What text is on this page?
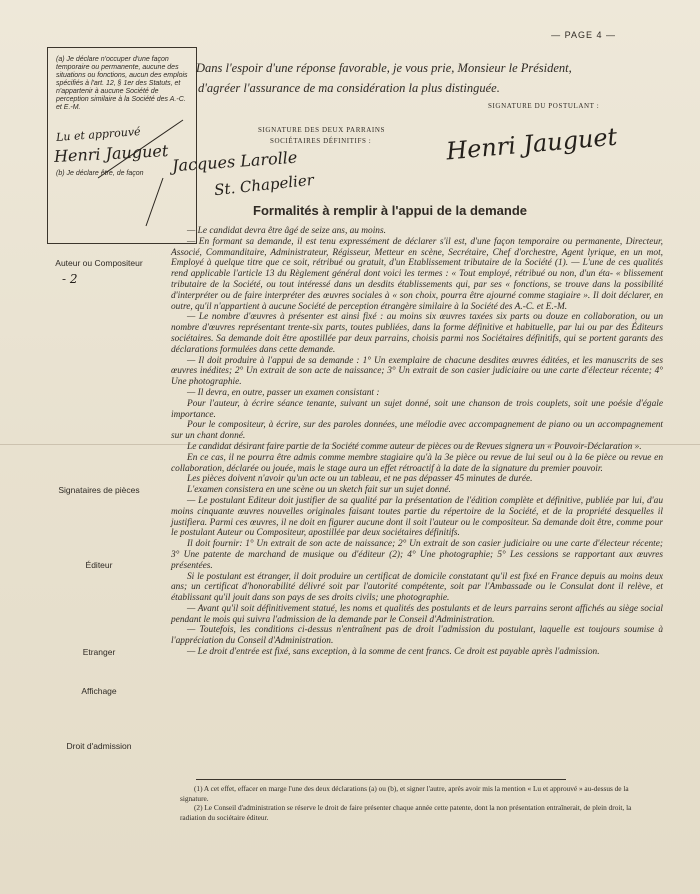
— PAGE 4 —
(a) Je déclare n'occuper d'une façon temporaire ou permanente, aucune des situations ou fonctions, aucun des emplois spécifiés à l'art. 12, § 1er des Statuts, et n'appartenir à aucune Société de perception similaire à la Société des A.-C. et E.-M.
Lu et approuvé
Henri Jauguet
(b) Je déclare être, de façon
Dans l'espoir d'une réponse favorable, je vous prie, Monsieur le Président,
d'agréer l'assurance de ma considération la plus distinguée.
SIGNATURE DU POSTULANT :
Henri Jauguet
SIGNATURE DES DEUX PARRAINS
SOCIÉTAIRES DÉFINITIFS :
Jacques Larolle
St. Chapelier
Formalités à remplir à l'appui de la demande
Auteur ou Compositeur
- 2
Signataires de pièces
Éditeur
Etranger
Affichage
Droit d'admission

— Le candidat devra être âgé de seize ans, au moins.

— En formant sa demande, il est tenu expressément de déclarer s'il est, d'une façon temporaire ou permanente, Directeur, Associé, Commanditaire, Administrateur, Régisseur, Metteur en scène, Secrétaire, Chef d'orchestre, Agent lyrique, en un mot, Employé à quelque titre que ce soit, rétribué ou gratuit, d'un Etablissement tributaire de la Société (1). — L'une de ces qualités rend applicable l'article 13 du Règlement général dont voici les termes : « Tout employé, rétribué ou non, d'un éta- « blissement tributaire de la Société, ou tout intéressé dans un desdits établissements qui, par ses « fonctions, se trouve dans la possibilité d'interpréter ou de faire interpréter des œuvres sociales à « son choix, pourra être ajourné comme stagiaire ». Il doit déclarer, en outre, qu'il n'appartient à aucune Société de perception étrangère similaire à la Société des A.-C. et E.-M.

— Le nombre d'œuvres à présenter est ainsi fixé : au moins six œuvres taxées six parts ou douze en collaboration, ou un nombre d'œuvres représentant trente-six parts, toutes publiées, dans la forme définitive et habituelle, par lui ou par des Éditeurs sociétaires. Sa demande doit être apostillée par deux parrains, choisis parmi nos Sociétaires définitifs, qui se portent garants des déclarations formulées dans cette demande.

— Il doit produire à l'appui de sa demande : 1° Un exemplaire de chacune desdites œuvres éditées, et les manuscrits de ses œuvres inédites; 2° Un extrait de son acte de naissance; 3° Un extrait de son casier judiciaire ou une carte d'électeur récente; 4° Une photographie.

— Il devra, en outre, passer un examen consistant :

Pour l'auteur, à écrire séance tenante, suivant un sujet donné, soit une chanson de trois couplets, soit une poésie d'égale importance.

Pour le compositeur, à écrire, sur des paroles données, une mélodie avec accompagnement de piano ou un accompagnement sur un chant donné.

Le candidat désirant faire partie de la Société comme auteur de pièces ou de Revues signera un « Pouvoir-Déclaration ».

En ce cas, il ne pourra être admis comme membre stagiaire qu'à la 3e pièce ou revue de lui seul ou à la 6e pièce ou revue en collaboration, déclarée ou jouée, mais le stage aura un effet rétroactif à la date de la signature du premier pouvoir.

Les pièces doivent n'avoir qu'un acte ou un tableau, et ne pas dépasser 45 minutes de durée.

L'examen consistera en une scène ou un sketch fait sur un sujet donné.

— Le postulant Editeur doit justifier de sa qualité par la présentation de l'édition complète et définitive, publiée par lui, d'au moins cinquante œuvres nouvelles originales faisant toutes partie du répertoire de la Société, et de la propriété desquelles il justifiera. Parmi ces œuvres, il ne doit en figurer aucune dont il soit l'auteur ou le compositeur. Sa demande doit être, comme pour le postulant Auteur ou Compositeur, apostillée par deux sociétaires définitifs.

Il doit fournir: 1° Un extrait de son acte de naissance; 2° Un extrait de son casier judiciaire ou une carte d'électeur récente; 3° Une patente de marchand de musique ou d'éditeur (2); 4° Une photographie; 5° Les cessions se rapportant aux œuvres présentées.

Si le postulant est étranger, il doit produire un certificat de domicile constatant qu'il est fixé en France depuis au moins deux ans; un certificat d'honorabilité délivré soit par l'autorité compétente, soit par l'Ambassade ou le Consulat dont il relève, et établissant qu'il jouit dans son pays de ses droits civils; une photographie.

— Avant qu'il soit définitivement statué, les noms et qualités des postulants et de leurs parrains seront affichés au siège social pendant le mois qui suivra l'admission de la demande par le Conseil d'Administration.

— Toutefois, les conditions ci-dessus n'entraînent pas de droit l'admission du postulant, laquelle est toujours soumise à l'appréciation du Conseil d'Administration.

— Le droit d'entrée est fixé, sans exception, à la somme de cent francs. Ce droit est payable après l'admission.

(1) A cet effet, effacer en marge l'une des deux déclarations (a) ou (b), et signer l'autre, après avoir mis la mention « Lu et approuvé » au-dessus de la signature.

(2) Le Conseil d'administration se réserve le droit de faire présenter chaque année cette patente, dont la non présentation entraînerait, de plein droit, la radiation du sociétaire éditeur.
